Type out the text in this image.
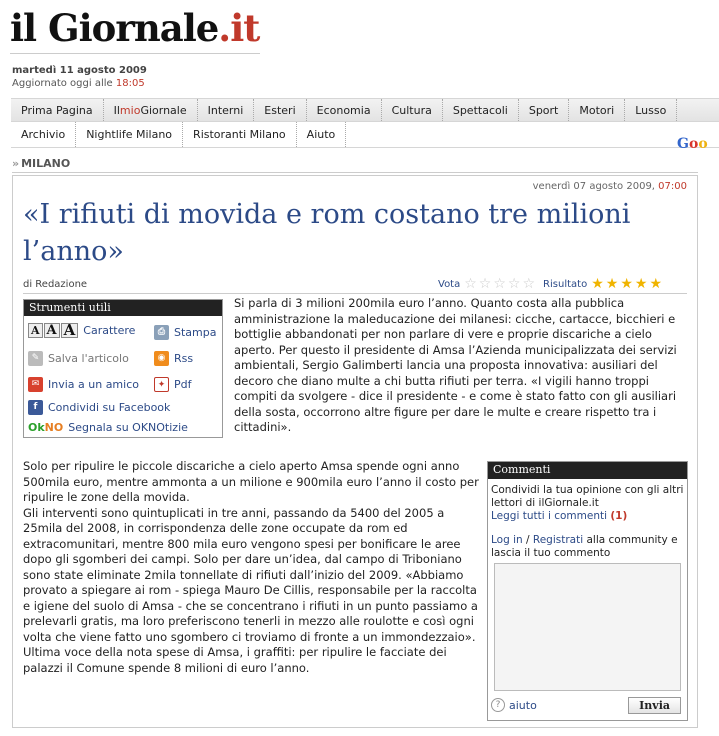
il Giornale.it
martedì 11 agosto 2009
Aggiornato oggi alle 18:05
Prima Pagina	IlmioGiornale	Interni	Esteri	Economia	Cultura	Spettacoli	Sport	Motori	Lusso
Archivio	Nightlife Milano	Ristoranti Milano	Aiuto
Goo
» MILANO
venerdì 07 agosto 2009, 07:00
«I rifiuti di movida e rom costano tre milioni l’anno»
di Redazione	Vota ☆ ☆ ☆ ☆ ☆ Risultato ★ ★ ★ ★ ★
Strumenti utili
A A A Carattere	⎙ Stampa
✎ Salva l'articolo	◉ Rss
✉ Invia a un amico	✦ Pdf
f Condividi su Facebook
OkNO Segnala su OKNOtizie
Si parla di 3 milioni 200mila euro l’anno. Quanto costa alla pubblica amministrazione la maleducazione dei milanesi: cicche, cartacce, bicchieri e bottiglie abbandonati per non parlare di vere e proprie discariche a cielo aperto. Per questo il presidente di Amsa l’Azienda municipalizzata dei servizi ambientali, Sergio Galimberti lancia una proposta innovativa: ausiliari del decoro che diano multe a chi butta rifiuti per terra. «I vigili hanno troppi compiti da svolgere - dice il presidente - e come è stato fatto con gli ausiliari della sosta, occorrono altre figure per dare le multe e creare rispetto tra i cittadini».
Solo per ripulire le piccole discariche a cielo aperto Amsa spende ogni anno 500mila euro, mentre ammonta a un milione e 900mila euro l’anno il costo per ripulire le zone della movida.
Gli interventi sono quintuplicati in tre anni, passando da 5400 del 2005 a 25mila del 2008, in corrispondenza delle zone occupate da rom ed extracomunitari, mentre 800 mila euro vengono spesi per bonificare le aree dopo gli sgomberi dei campi. Solo per dare un’idea, dal campo di Triboniano sono state eliminate 2mila tonnellate di rifiuti dall’inizio del 2009. «Abbiamo provato a spiegare ai rom - spiega Mauro De Cillis, responsabile per la raccolta e igiene del suolo di Amsa - che se concentrano i rifiuti in un punto passiamo a prelevarli gratis, ma loro preferiscono tenerli in mezzo alle roulotte e così ogni volta che viene fatto uno sgombero ci troviamo di fronte a un immondezzaio».
Ultima voce della nota spese di Amsa, i graffiti: per ripulire le facciate dei palazzi il Comune spende 8 milioni di euro l’anno.
Commenti
Condividi la tua opinione con gli altri lettori di ilGiornale.it
Leggi tutti i commenti (1)
Log in / Registrati alla community e lascia il tuo commento
? aiuto	Invia
